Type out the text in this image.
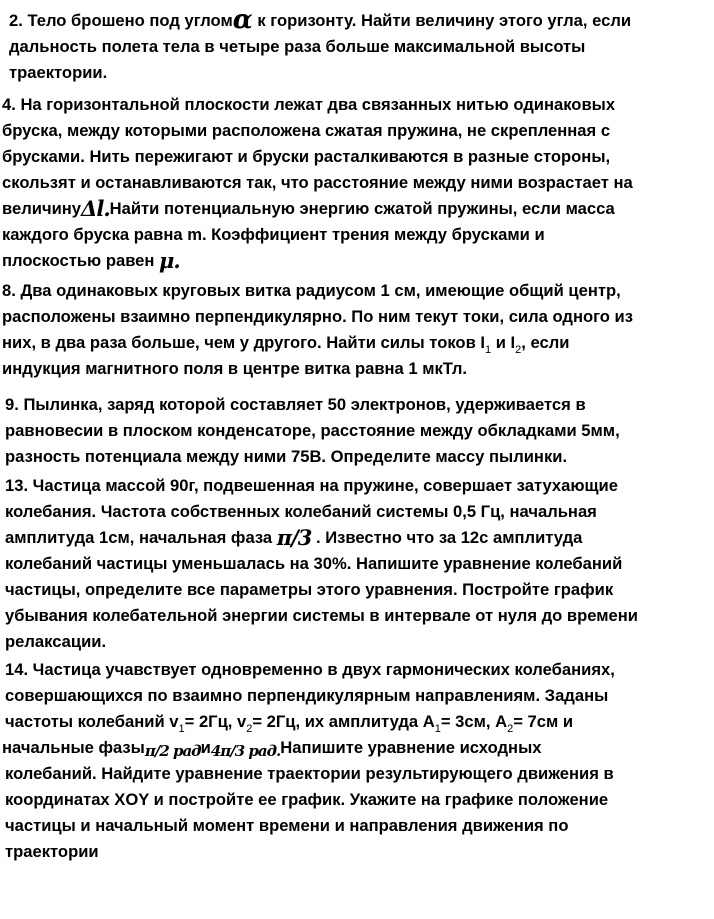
2. Тело брошено под угломα к горизонту. Найти величину этого угла, если
дальность полета тела в четыре раза больше максимальной высоты
траектории.
4. На горизонтальной плоскости лежат два связанных нитью одинаковых
бруска, между которыми расположена сжатая пружина, не скрепленная с
брусками. Нить пережигают и бруски расталкиваются в разные стороны,
скользят и останавливаются так, что расстояние между ними возрастает на
величинуΔl.Найти потенциальную энергию сжатой пружины, если масса
каждого бруска равна m. Коэффициент трения между брусками и
плоскостью равен μ.
8. Два одинаковых круговых витка радиусом 1 см, имеющие общий центр,
расположены взаимно перпендикулярно. По ним текут токи, сила одного из
них, в два раза больше, чем у другого. Найти силы токов $I_1$ и $I_2$, если
индукция магнитного поля в центре витка равна 1 мкТл.
9. Пылинка, заряд которой составляет 50 электронов, удерживается в
равновесии в плоском конденсаторе, расстояние между обкладками 5мм,
разность потенциала между ними 75В. Определите массу пылинки.
13. Частица массой 90г, подвешенная на пружине, совершает затухающие
колебания. Частота собственных колебаний системы 0,5 Гц, начальная
амплитуда 1см, начальная фаза π/3 . Известно что за 12с амплитуда
колебаний частицы уменьшалась на 30%. Напишите уравнение колебаний
частицы, определите все параметры этого уравнения. Постройте график
убывания колебательной энергии системы в интервале от нуля до времени
релаксации.
14. Частица учавствует одновременно в двух гармонических колебаниях,
совершающихся по взаимно перпендикулярным направлениям. Заданы
частоты колебаний $v_1= 2Гц$, $v_2= 2Гц$, их амплитуда $A_1= 3см$, $A_2= 7см$ и
начальные фазыπ/2 ради4π/3 рад.Напишите уравнение исходных
колебаний. Найдите уравнение траектории результирующего движения в
координатах XOY и постройте ее график. Укажите на графике положение
частицы и начальный момент времени и направления движения по
траектории
